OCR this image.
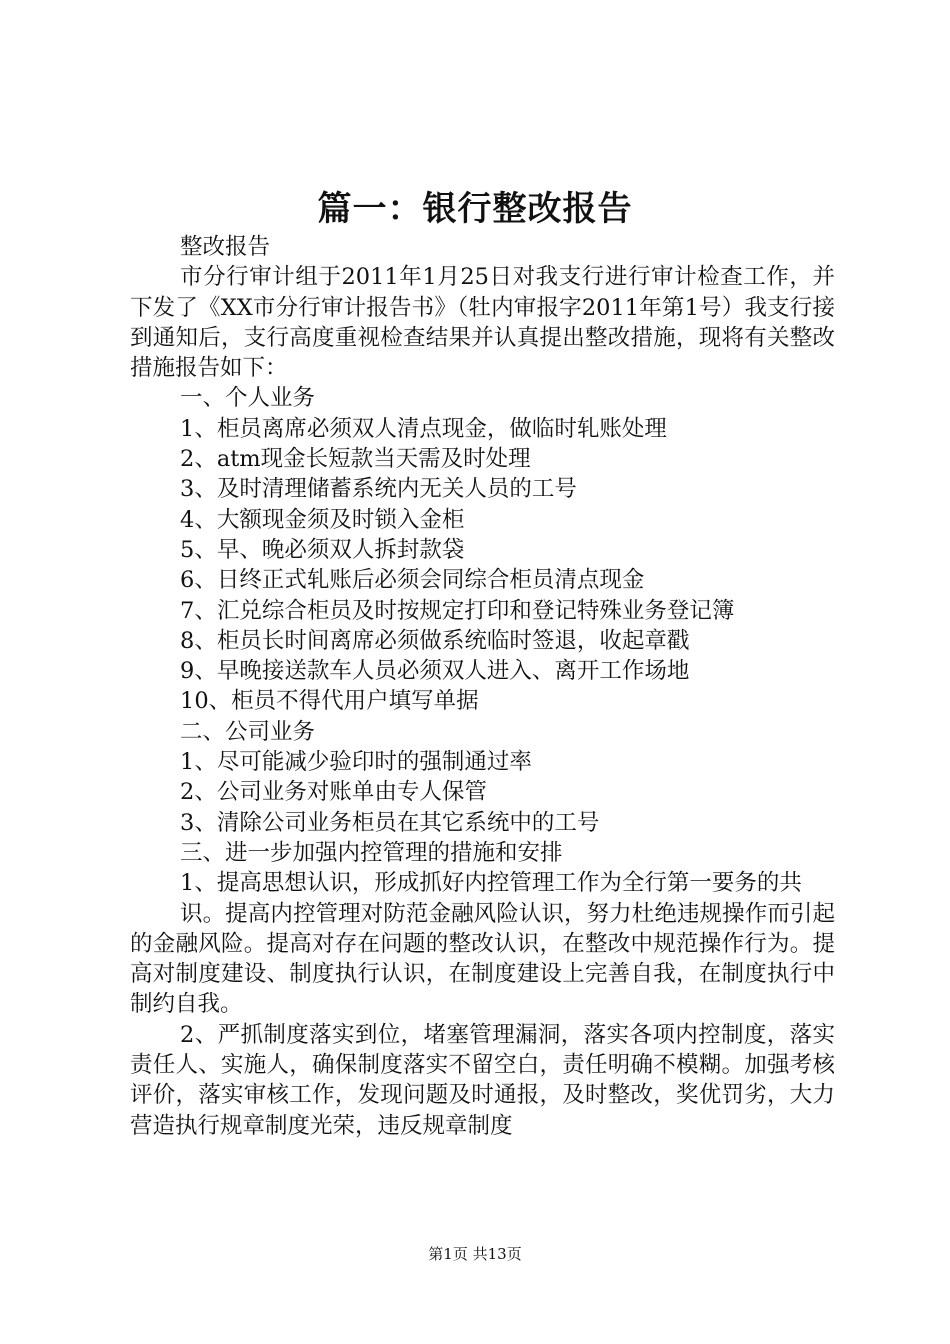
篇一：银行整改报告

整改报告

市分行审计组于2011年1月25日对我支行进行审计检查工作，并下发了《XX市分行审计报告书》（牡内审报字2011年第1号）我支行接到通知后，支行高度重视检查结果并认真提出整改措施，现将有关整改措施报告如下：

一、个人业务

1、柜员离席必须双人清点现金，做临时轧账处理

2、atm现金长短款当天需及时处理

3、及时清理储蓄系统内无关人员的工号

4、大额现金须及时锁入金柜

5、早、晚必须双人拆封款袋

6、日终正式轧账后必须会同综合柜员清点现金

7、汇兑综合柜员及时按规定打印和登记特殊业务登记簿

8、柜员长时间离席必须做系统临时签退，收起章戳

9、早晚接送款车人员必须双人进入、离开工作场地

10、柜员不得代用户填写单据

二、公司业务

1、尽可能减少验印时的强制通过率

2、公司业务对账单由专人保管

3、清除公司业务柜员在其它系统中的工号

三、进一步加强内控管理的措施和安排

1、提高思想认识，形成抓好内控管理工作为全行第一要务的共

识。提高内控管理对防范金融风险认识，努力杜绝违规操作而引起的金融风险。提高对存在问题的整改认识，在整改中规范操作行为。提高对制度建设、制度执行认识，在制度建设上完善自我，在制度执行中制约自我。

2、严抓制度落实到位，堵塞管理漏洞，落实各项内控制度，落实责任人、实施人，确保制度落实不留空白，责任明确不模糊。加强考核评价，落实审核工作，发现问题及时通报，及时整改，奖优罚劣，大力营造执行规章制度光荣，违反规章制度

第1页 共13页
